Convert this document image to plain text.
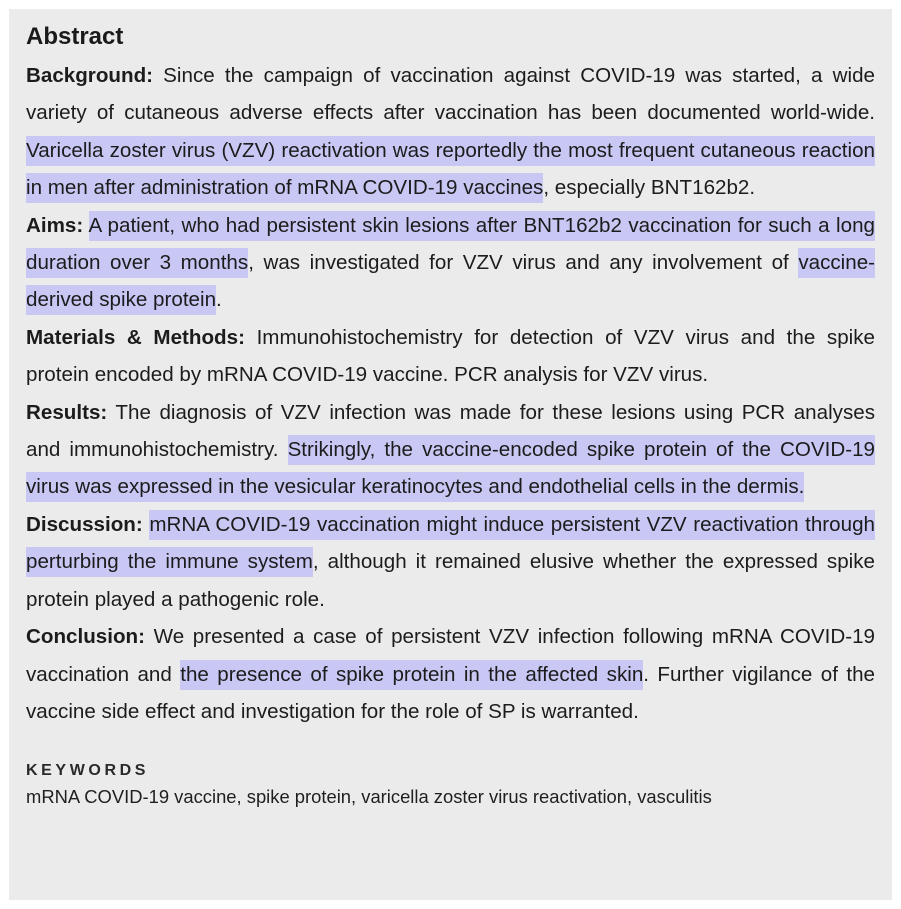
Abstract

Background: Since the campaign of vaccination against COVID-19 was started, a wide variety of cutaneous adverse effects after vaccination has been documented world-wide. Varicella zoster virus (VZV) reactivation was reportedly the most frequent cutaneous reaction in men after administration of mRNA COVID-19 vaccines, especially BNT162b2.

Aims: A patient, who had persistent skin lesions after BNT162b2 vaccination for such a long duration over 3 months, was investigated for VZV virus and any involvement of vaccine-derived spike protein.

Materials & Methods: Immunohistochemistry for detection of VZV virus and the spike protein encoded by mRNA COVID-19 vaccine. PCR analysis for VZV virus.

Results: The diagnosis of VZV infection was made for these lesions using PCR analyses and immunohistochemistry. Strikingly, the vaccine-encoded spike protein of the COVID-19 virus was expressed in the vesicular keratinocytes and endothelial cells in the dermis.

Discussion: mRNA COVID-19 vaccination might induce persistent VZV reactivation through perturbing the immune system, although it remained elusive whether the expressed spike protein played a pathogenic role.

Conclusion: We presented a case of persistent VZV infection following mRNA COVID-19 vaccination and the presence of spike protein in the affected skin. Further vigilance of the vaccine side effect and investigation for the role of SP is warranted.

KEYWORDS
mRNA COVID-19 vaccine, spike protein, varicella zoster virus reactivation, vasculitis
